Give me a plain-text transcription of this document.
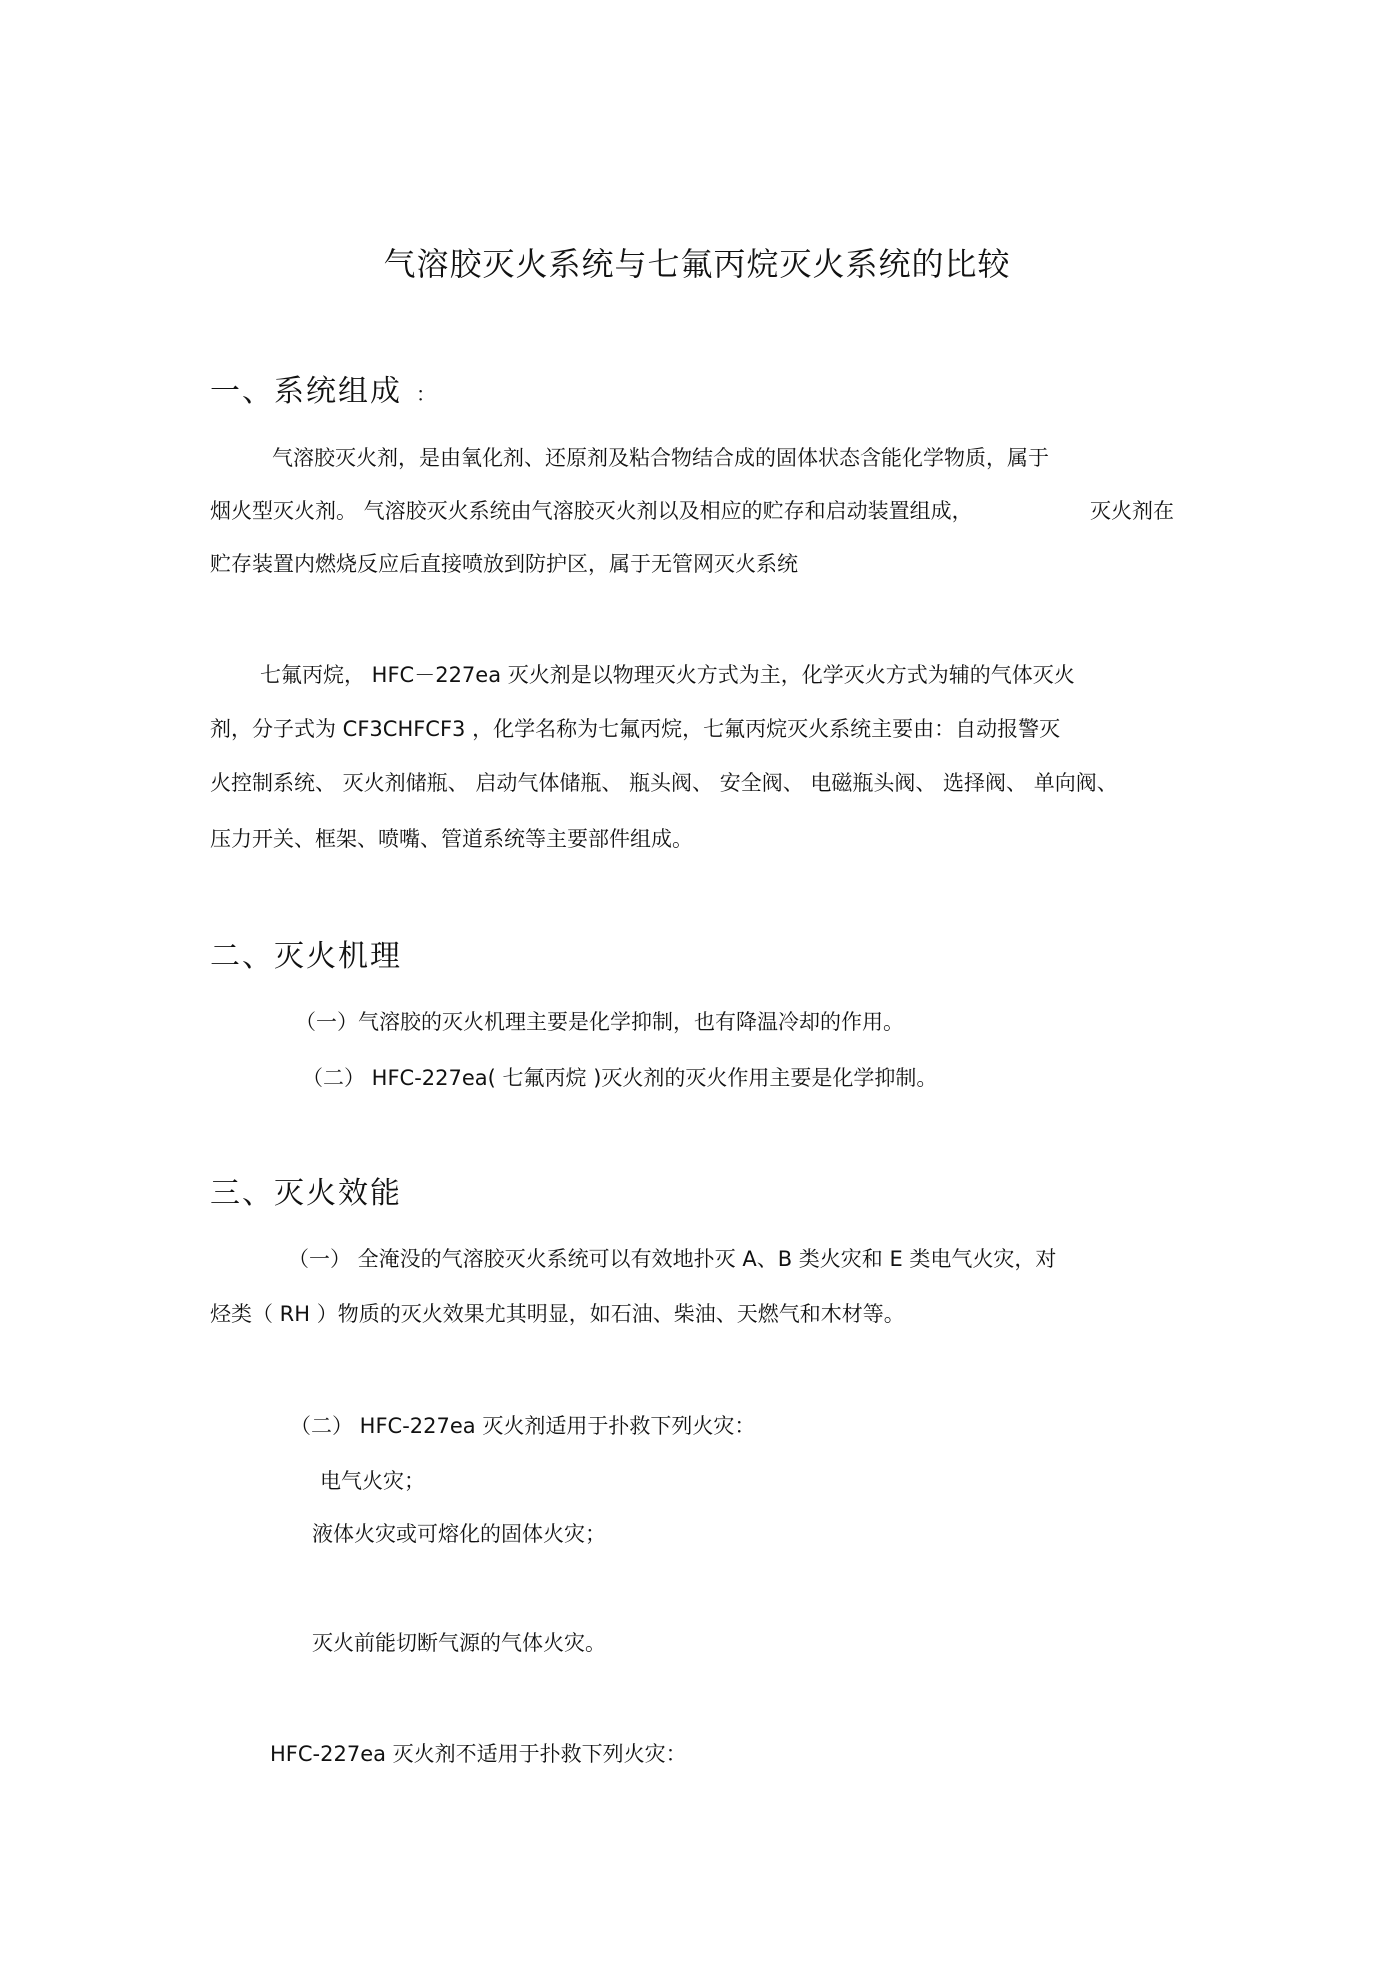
气溶胶灭火系统与七氟丙烷灭火系统的比较
一、系统组成 ：
气溶胶灭火剂，是由氧化剂、还原剂及粘合物结合成的固体状态含能化学物质，属于
烟火型灭火剂。 气溶胶灭火系统由气溶胶灭火剂以及相应的贮存和启动装置组成，	灭火剂在
贮存装置内燃烧反应后直接喷放到防护区，属于无管网灭火系统
七氟丙烷， HFC－227ea 灭火剂是以物理灭火方式为主，化学灭火方式为辅的气体灭火
剂，分子式为 CF3CHFCF3 ，化学名称为七氟丙烷，七氟丙烷灭火系统主要由：自动报警灭
火控制系统、 灭火剂储瓶、 启动气体储瓶、 瓶头阀、 安全阀、 电磁瓶头阀、 选择阀、 单向阀、
压力开关、框架、喷嘴、管道系统等主要部件组成。
二、灭火机理
（一）气溶胶的灭火机理主要是化学抑制，也有降温冷却的作用。
（二） HFC-227ea( 七氟丙烷 )灭火剂的灭火作用主要是化学抑制。
三、灭火效能
（一） 全淹没的气溶胶灭火系统可以有效地扑灭 A、B 类火灾和 E 类电气火灾，对
烃类（ RH ）物质的灭火效果尤其明显，如石油、柴油、天燃气和木材等。
（二） HFC-227ea 灭火剂适用于扑救下列火灾：
电气火灾；
液体火灾或可熔化的固体火灾；
灭火前能切断气源的气体火灾。
HFC-227ea 灭火剂不适用于扑救下列火灾：
